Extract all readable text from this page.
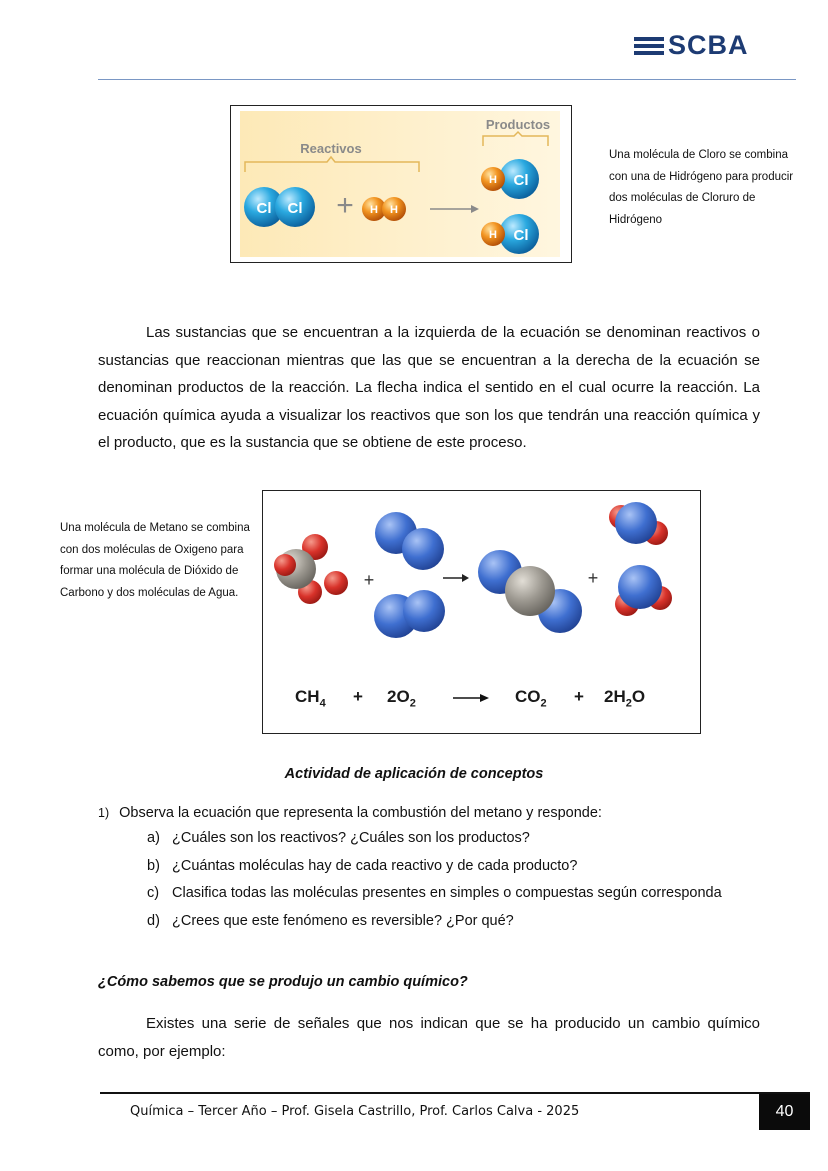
SCBA
Reactivos
Productos
Cl Cl + H H
H Cl
H Cl
Una molécula de Cloro se combina con una de Hidrógeno para producir dos moléculas de Cloruro de Hidrógeno
Las sustancias que se encuentran a la izquierda de la ecuación se denominan reactivos o sustancias que reaccionan mientras que las que se encuentran a la derecha de la ecuación se denominan productos de la reacción. La flecha indica el sentido en el cual ocurre la reacción. La ecuación química ayuda a visualizar los reactivos que son los que tendrán una reacción química y el producto, que es la sustancia que se obtiene de este proceso.
Una molécula de Metano se combina con dos moléculas de Oxigeno para formar una molécula de Dióxido de Carbono y dos moléculas de Agua.
+	+
$CH_4 + 2O_2$	$CO_2 + 2H_2O$
Actividad de aplicación de conceptos
1) Observa la ecuación que representa la combustión del metano y responde:
a) ¿Cuáles son los reactivos? ¿Cuáles son los productos?
b) ¿Cuántas moléculas hay de cada reactivo y de cada producto?
c) Clasifica todas las moléculas presentes en simples o compuestas según corresponda
d) ¿Crees que este fenómeno es reversible? ¿Por qué?
¿Cómo sabemos que se produjo un cambio químico?
Existes una serie de señales que nos indican que se ha producido un cambio químico como, por ejemplo:
Química – Tercer Año – Prof. Gisela Castrillo, Prof. Carlos Calva - 2025	40
